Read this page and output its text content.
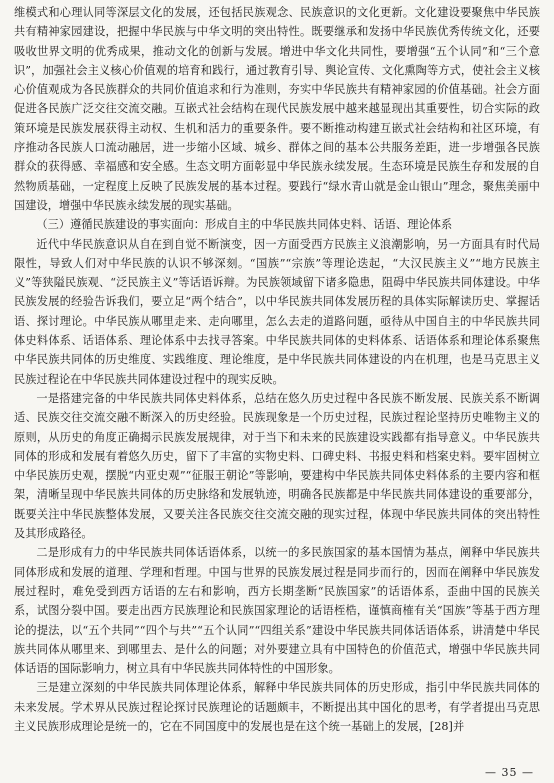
维模式和心理认同等深层文化的发展，还包括民族观念、民族意识的文化更新。文化建设要聚焦中华民族共有精神家园建设，把握中华民族与中华文明的突出特性。既要继承和发扬中华民族优秀传统文化，还要吸收世界文明的优秀成果，推动文化的创新与发展。增进中华文化共同性，要增强“五个认同”和“三个意识”，加强社会主义核心价值观的培育和践行，通过教育引导、舆论宣传、文化熏陶等方式，使社会主义核心价值观成为各民族群众的共同价值追求和行为准则，夯实中华民族共有精神家园的价值基础。社会方面促进各民族广泛交往交流交融。互嵌式社会结构在现代民族发展中越来越显现出其重要性，切合实际的政策环境是民族发展获得主动权、生机和活力的重要条件。要不断推动构建互嵌式社会结构和社区环境，有序推动各民族人口流动融居，进一步缩小区域、城乡、群体之间的基本公共服务差距，进一步增强各民族群众的获得感、幸福感和安全感。生态文明方面彰显中华民族永续发展。生态环境是民族生存和发展的自然物质基础，一定程度上反映了民族发展的基本过程。要践行“绿水青山就是金山银山”理念，聚焦美丽中国建设，增强中华民族永续发展的现实基础。

（三）遵循民族建设的事实面向：形成自主的中华民族共同体史料、话语、理论体系

近代中华民族意识从自在到自觉不断演变，因一方面受西方民族主义浪潮影响，另一方面具有时代局限性，导致人们对中华民族的认识不够深刻。“国族”“宗族”等理论迭起，“大汉民族主义”“地方民族主义”等狭隘民族观、“泛民族主义”等话语诉辩。为民族领域留下诸多隐患，阻碍中华民族共同体建设。中华民族发展的经验告诉我们，要立足“两个结合”，以中华民族共同体发展历程的具体实际解读历史、掌握话语、探讨理论。中华民族从哪里走来、走向哪里，怎么去走的道路问题，亟待从中国自主的中华民族共同体史料体系、话语体系、理论体系中去找寻答案。中华民族共同体的史料体系、话语体系和理论体系聚焦中华民族共同体的历史维度、实践维度、理论维度，是中华民族共同体建设的内在机理，也是马克思主义民族过程论在中华民族共同体建设过程中的现实反映。

一是搭建完备的中华民族共同体史料体系，总结在悠久历史过程中各民族不断发展、民族关系不断调适、民族交往交流交融不断深入的历史经验。民族现象是一个历史过程，民族过程论坚持历史唯物主义的原则，从历史的角度正确揭示民族发展规律，对于当下和未来的民族建设实践都有指导意义。中华民族共同体的形成和发展有着悠久历史，留下了丰富的实物史料、口碑史料、书报史料和档案史料。要牢固树立中华民族历史观，摆脱“内亚史观”“征服王朝论”等影响，要建构中华民族共同体史料体系的主要内容和框架，清晰呈现中华民族共同体的历史脉络和发展轨迹，明确各民族都是中华民族共同体建设的重要部分，既要关注中华民族整体发展，又要关注各民族交往交流交融的现实过程，体现中华民族共同体的突出特性及其形成路径。

二是形成有力的中华民族共同体话语体系，以统一的多民族国家的基本国情为基点，阐释中华民族共同体形成和发展的道理、学理和哲理。中国与世界的民族发展过程是同步而行的，因而在阐释中华民族发展过程时，难免受到西方话语的左右和影响，西方长期垄断“民族国家”的话语体系，歪曲中国的民族关系，试图分裂中国。要走出西方民族理论和民族国家理论的话语桎梏，谨慎商榷有关“国族”等基于西方理论的提法，以“五个共同”“四个与共”“五个认同”“四组关系”建设中华民族共同体话语体系，讲清楚中华民族共同体从哪里来、到哪里去、是什么的问题；对外要建立具有中国特色的价值范式，增强中华民族共同体话语的国际影响力，树立具有中华民族共同体特性的中国形象。

三是建立深刻的中华民族共同体理论体系，解释中华民族共同体的历史形成，指引中华民族共同体的未来发展。学术界从民族过程论探讨民族理论的话题颇丰，不断提出其中国化的思考，有学者提出马克思主义民族形成理论是统一的，它在不同国度中的发展也是在这个统一基础上的发展，[28]并

— 35 —
